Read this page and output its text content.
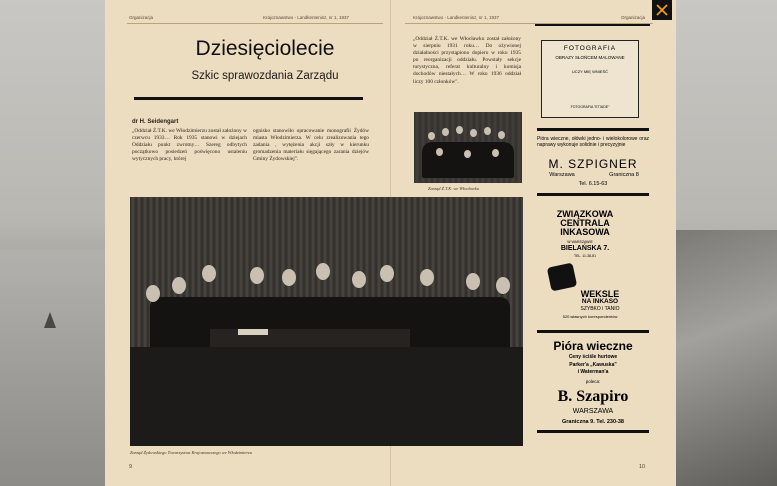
Organizacja	Krajoznawstwo - Landkentenisz, nr 1, 1937	Krajoznawstwo - Landkentenisz, nr 1, 1937	Organizacja
Dziesięciolecie
Szkic sprawozdania Zarządu
dr H. Seidengart
„Oddział Ż.T.K. we Włodzimierzu został założony w czerwcu 1933… Rok 1935 stanowi w dziejach Oddziału punkt zwrotny… Szereg odbytych początkowo posiedzeń poświęcono ustaleniu wytycznych pracy, której
ognisko stanowiło opracowanie monografii Żydów miasta Włodzimierza. W celu zrealizowania tego zadania , wytężenia akcji szły w kierunku gromadzenia materiału sięgającego zarania dziejów Gminy Żydowskiej".
„Oddział Ż.T.K. we Włocławku został założony w sierpniu 1931 roku… Do ożywionej działalności przystąpiono dopiero w roku 1935 po reorganizacji oddziału. Powstały sekcje turystyczna, referat kulturalny i komisja dochodów niestałych… W roku 1936 oddział liczy 100 członków".
Zarząd Ż.T.K. we Włocławku
Zarząd Żydowskiego Towarzystwa Krajoznawczego we Włodzimierzu
9	10
FOTOGRAFIA
OBRAZY SŁOŃCEM MALOWANE
UCZY MIĘ WNIEŚĆ
FOTOGRAFIA "ETIUDE"
Pióra wieczne, ołówki jedno- i wielokolorowe oraz naprawy wykonuje solidnie i precyzyjnie
M. SZPIGNER
Warszawa	Graniczna 8
Tel. 6.15-63
ZWIĄZKOWA
CENTRALA
INKASOWA
W WARSZAWIE
BIELAŃSKA 7.
TEL. 11-38-81
WEKSLE
NA INKASO
SZYBKO i TANIO
520 własnych korespondentów
Pióra wieczne
Ceny ściśle hurtowe
Parker'a „Kawuska"
i Waterman'a
poleca:
B. Szapiro
WARSZAWA
Graniczna 9. Tel. 230-38
